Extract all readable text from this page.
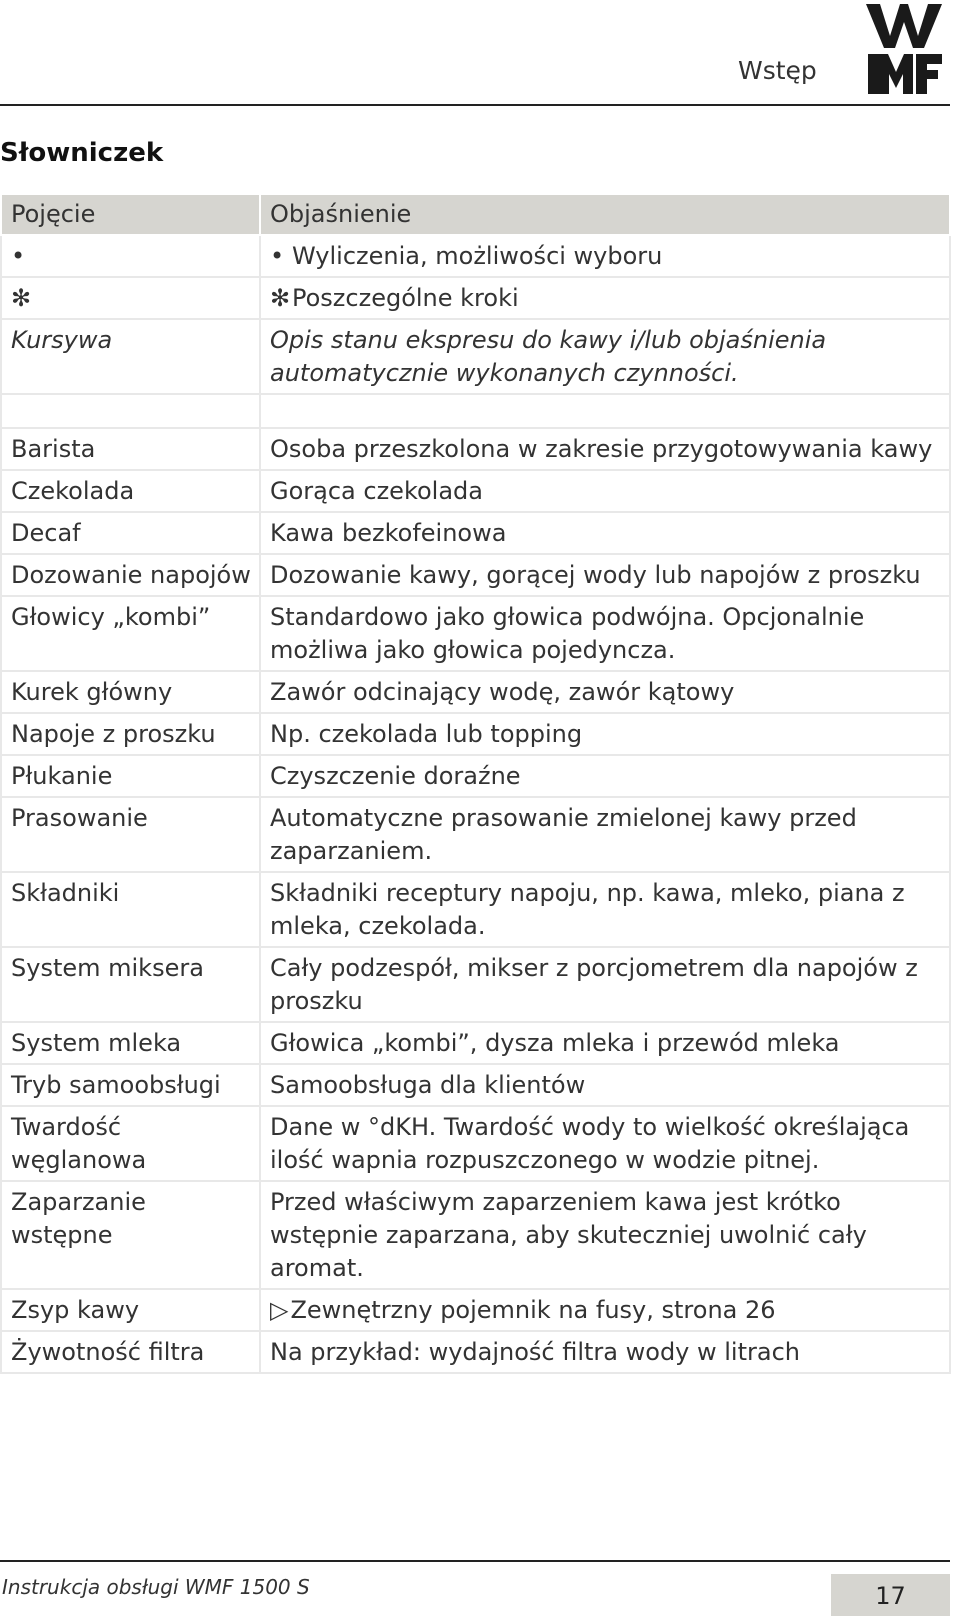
Wstęp
Słowniczek
Pojęcie	Objaśnienie
•	• Wyliczenia, możliwości wyboru
✻	✻Poszczególne kroki
Kursywa	Opis stanu ekspresu do kawy i/lub objaśnienia automatycznie wykonanych czynności.

Barista	Osoba przeszkolona w zakresie przygotowywania kawy
Czekolada	Gorąca czekolada
Decaf	Kawa bezkofeinowa
Dozowanie napojów	Dozowanie kawy, gorącej wody lub napojów z proszku
Głowicy „kombi”	Standardowo jako głowica podwójna. Opcjonalnie możliwa jako głowica pojedyncza.
Kurek główny	Zawór odcinający wodę, zawór kątowy
Napoje z proszku	Np. czekolada lub topping
Płukanie	Czyszczenie doraźne
Prasowanie	Automatyczne prasowanie zmielonej kawy przed zaparzaniem.
Składniki	Składniki receptury napoju, np. kawa, mleko, piana z mleka, czekolada.
System miksera	Cały podzespół, mikser z porcjometrem dla napojów z proszku
System mleka	Głowica „kombi”, dysza mleka i przewód mleka
Tryb samoobsługi	Samoobsługa dla klientów
Twardość węglanowa	Dane w °dKH. Twardość wody to wielkość określająca ilość wapnia rozpuszczonego w wodzie pitnej.
Zaparzanie wstępne	Przed właściwym zaparzeniem kawa jest krótko wstępnie zaparzana, aby skuteczniej uwolnić cały aromat.
Zsyp kawy	▷Zewnętrzny pojemnik na fusy, strona 26
Żywotność filtra	Na przykład: wydajność filtra wody w litrach
Instrukcja obsługi WMF 1500 S	17
